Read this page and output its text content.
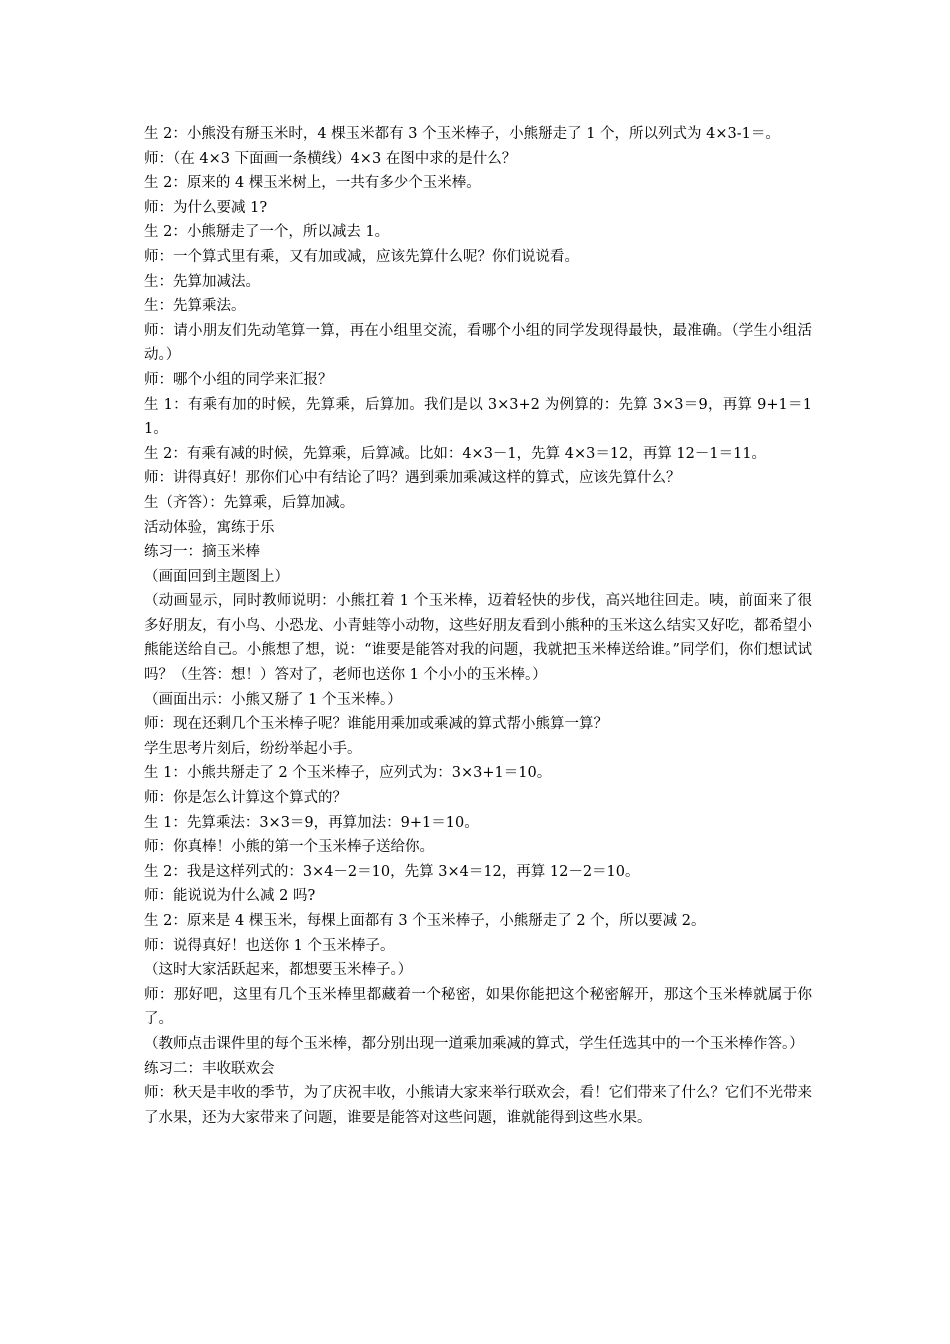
生 2：小熊没有掰玉米时，4 棵玉米都有 3 个玉米棒子，小熊掰走了 1 个，所以列式为 4×3-1＝。

师：（在 4×3 下面画一条横线）4×3 在图中求的是什么？

生 2：原来的 4 棵玉米树上，一共有多少个玉米棒。

师：为什么要减 1?

生 2：小熊掰走了一个，所以减去 1。

师：一个算式里有乘，又有加或减，应该先算什么呢？你们说说看。

生：先算加减法。

生：先算乘法。

师：请小朋友们先动笔算一算，再在小组里交流，看哪个小组的同学发现得最快，最准确。（学生小组活动。）

师：哪个小组的同学来汇报？

生 1：有乘有加的时候，先算乘，后算加。我们是以 3×3+2 为例算的：先算 3×3＝9，再算 9+1＝11。

生 2：有乘有减的时候，先算乘，后算减。比如：4×3－1，先算 4×3＝12，再算 12－1＝11。

师：讲得真好！那你们心中有结论了吗？遇到乘加乘减这样的算式，应该先算什么？

生（齐答）：先算乘，后算加减。

活动体验，寓练于乐

练习一：摘玉米棒

（画面回到主题图上）

（动画显示，同时教师说明：小熊扛着 1 个玉米棒，迈着轻快的步伐，高兴地往回走。咦，前面来了很多好朋友，有小鸟、小恐龙、小青蛙等小动物，这些好朋友看到小熊种的玉米这么结实又好吃，都希望小熊能送给自己。小熊想了想，说：“谁要是能答对我的问题，我就把玉米棒送给谁。”同学们，你们想试试吗？（生答：想！）答对了，老师也送你 1 个小小的玉米棒。）

（画面出示：小熊又掰了 1 个玉米棒。）

师：现在还剩几个玉米棒子呢？谁能用乘加或乘减的算式帮小熊算一算？

学生思考片刻后，纷纷举起小手。

生 1：小熊共掰走了 2 个玉米棒子，应列式为：3×3+1＝10。

师：你是怎么计算这个算式的？

生 1：先算乘法：3×3＝9，再算加法：9+1＝10。

师：你真棒！小熊的第一个玉米棒子送给你。

生 2：我是这样列式的：3×4－2＝10，先算 3×4＝12，再算 12－2＝10。

师：能说说为什么减 2 吗?

生 2：原来是 4 棵玉米，每棵上面都有 3 个玉米棒子，小熊掰走了 2 个，所以要减 2。

师：说得真好！也送你 1 个玉米棒子。

（这时大家活跃起来，都想要玉米棒子。）

师：那好吧，这里有几个玉米棒里都藏着一个秘密，如果你能把这个秘密解开，那这个玉米棒就属于你了。

（教师点击课件里的每个玉米棒，都分别出现一道乘加乘减的算式，学生任选其中的一个玉米棒作答。）

练习二：丰收联欢会

师：秋天是丰收的季节，为了庆祝丰收，小熊请大家来举行联欢会，看！它们带来了什么？它们不光带来了水果，还为大家带来了问题，谁要是能答对这些问题，谁就能得到这些水果。
